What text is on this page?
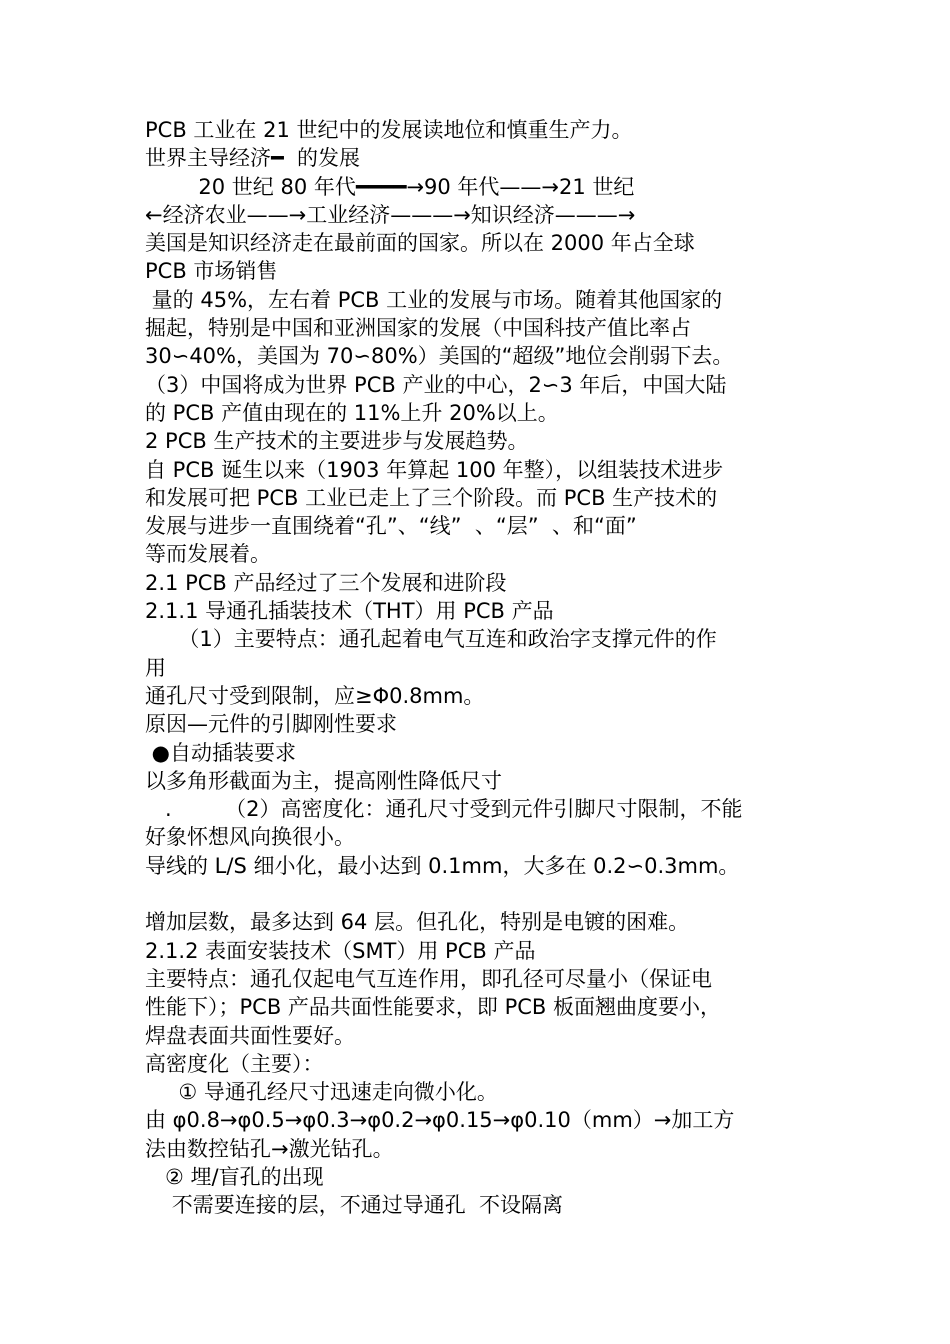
PCB 工业在 21 世纪中的发展读地位和慎重生产力。
世界主导经济━  的发展
20 世纪 80 年代━━━━→90 年代——→21 世纪
←经济农业——→工业经济———→知识经济———→
美国是知识经济走在最前面的国家。所以在 2000 年占全球
PCB 市场销售
量的 45%，左右着 PCB 工业的发展与市场。随着其他国家的
掘起，特别是中国和亚洲国家的发展（中国科技产值比率占
30∽40%，美国为 70∽80%）美国的“超级”地位会削弱下去。
（3）中国将成为世界 PCB 产业的中心，2∽3 年后，中国大陆
的 PCB 产值由现在的 11%上升 20%以上。
2 PCB 生产技术的主要进步与发展趋势。
自 PCB 诞生以来（1903 年算起 100 年整），以组装技术进步
和发展可把 PCB 工业已走上了三个阶段。而 PCB 生产技术的
发展与进步一直围绕着“孔”、“线”  、“层”  、和“面”
等而发展着。
2.1 PCB 产品经过了三个发展和进阶段
2.1.1 导通孔插装技术（THT）用 PCB 产品
（1）主要特点：通孔起着电气互连和政治字支撑元件的作
用
通孔尺寸受到限制，应≥Φ0.8mm。
原因—元件的引脚刚性要求
●自动插装要求
以多角形截面为主，提高刚性降低尺寸
.        （2）高密度化：通孔尺寸受到元件引脚尺寸限制，不能
好象怀想风向换很小。
导线的 L/S 细小化，最小达到 0.1mm，大多在 0.2∽0.3mm。
增加层数，最多达到 64 层。但孔化，特别是电镀的困难。
2.1.2 表面安装技术（SMT）用 PCB 产品
主要特点：通孔仅起电气互连作用，即孔径可尽量小（保证电
性能下）；PCB 产品共面性能要求，即 PCB 板面翘曲度要小，
焊盘表面共面性要好。
高密度化（主要）：
① 导通孔经尺寸迅速走向微小化。
由 φ0.8→φ0.5→φ0.3→φ0.2→φ0.15→φ0.10（mm）→加工方
法由数控钻孔→激光钻孔。
② 埋/盲孔的出现
不需要连接的层，不通过导通孔  不设隔离
